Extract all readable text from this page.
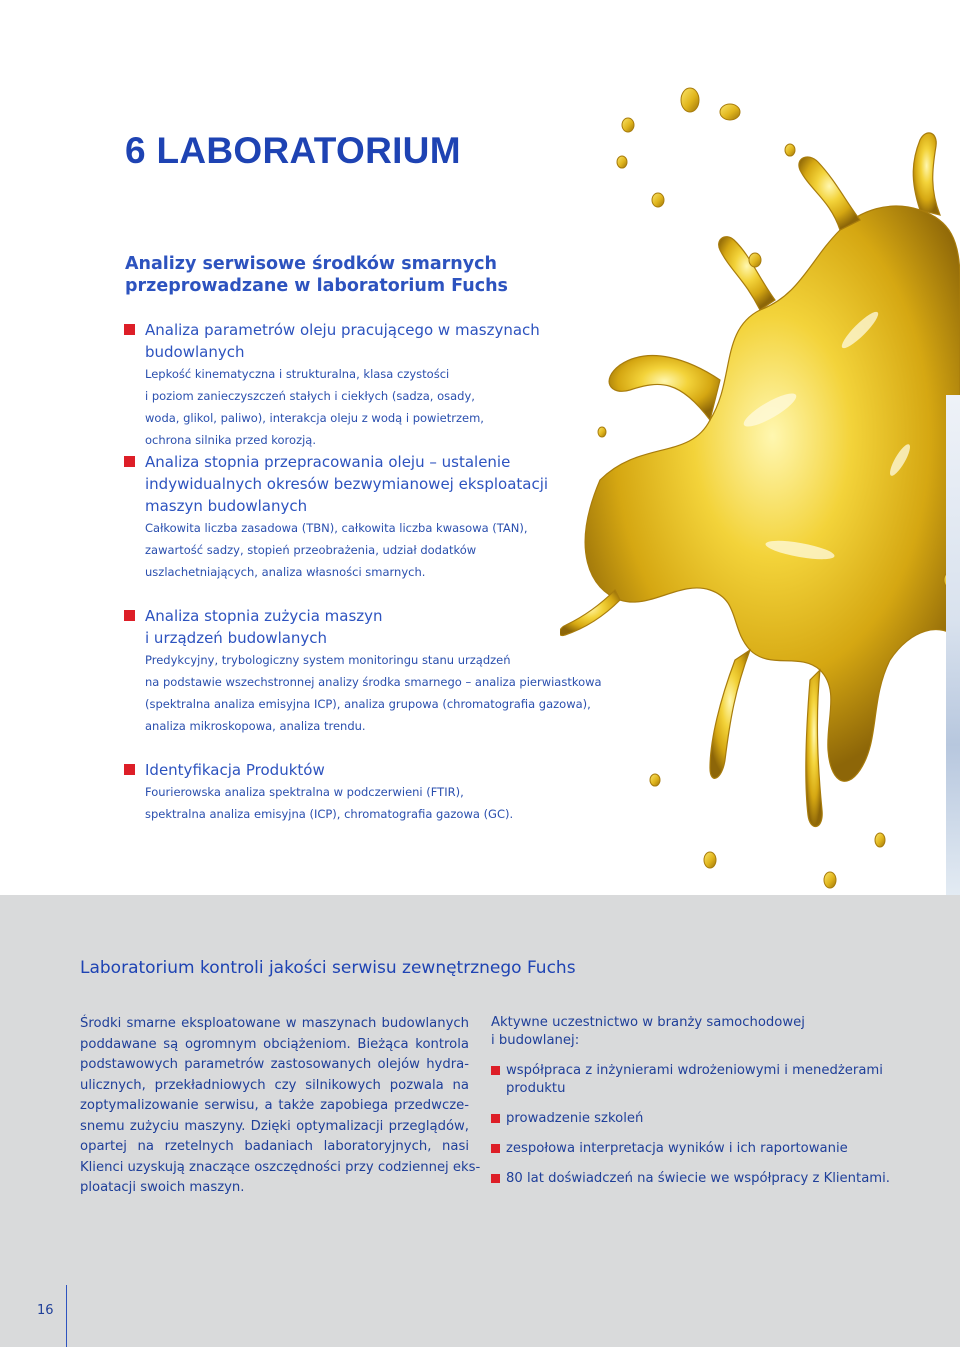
6 LABORATORIUM
Analizy serwisowe środków smarnych
przeprowadzane w laboratorium Fuchs
Analiza parametrów oleju pracującego w maszynach budowlanych
Lepkość kinematyczna i strukturalna, klasa czystości
i poziom zanieczyszczeń stałych i ciekłych (sadza, osady,
woda, glikol, paliwo), interakcja oleju z wodą i powietrzem,
ochrona silnika przed korozją.
Analiza stopnia przepracowania oleju – ustalenie
indywidualnych okresów bezwymianowej eksploatacji
maszyn budowlanych
Całkowita liczba zasadowa (TBN), całkowita liczba kwasowa (TAN),
zawartość sadzy, stopień przeobrażenia, udział dodatków
uszlachetniających, analiza własności smarnych.
Analiza stopnia zużycia maszyn
i urządzeń budowlanych
Predykcyjny, trybologiczny system monitoringu stanu urządzeń
na podstawie wszechstronnej analizy środka smarnego – analiza pierwiastkowa
(spektralna analiza emisyjna ICP), analiza grupowa (chromatografia gazowa),
analiza mikroskopowa, analiza trendu.
Identyfikacja Produktów
Fourierowska analiza spektralna w podczerwieni (FTIR),
spektralna analiza emisyjna (ICP), chromatografia gazowa (GC).
Laboratorium kontroli jakości serwisu zewnętrznego Fuchs
Środki smarne eksploatowane w maszynach budowlanych
poddawane są ogromnym obciążeniom. Bieżąca kontrola
podstawowych parametrów zastosowanych olejów hydra-
ulicznych, przekładniowych czy silnikowych pozwala na
zoptymalizowanie serwisu, a także zapobiega przedwcze-
snemu zużyciu maszyny. Dzięki optymalizacji przeglądów,
opartej na rzetelnych badaniach laboratoryjnych, nasi
Klienci uzyskują znaczące oszczędności przy codziennej eks-
ploatacji swoich maszyn.
Aktywne uczestnictwo w branży samochodowej
i budowlanej:
współpraca z inżynierami wdrożeniowymi i menedżerami
produktu
prowadzenie szkoleń
zespołowa interpretacja wyników i ich raportowanie
80 lat doświadczeń na świecie we współpracy z Klientami.
16
